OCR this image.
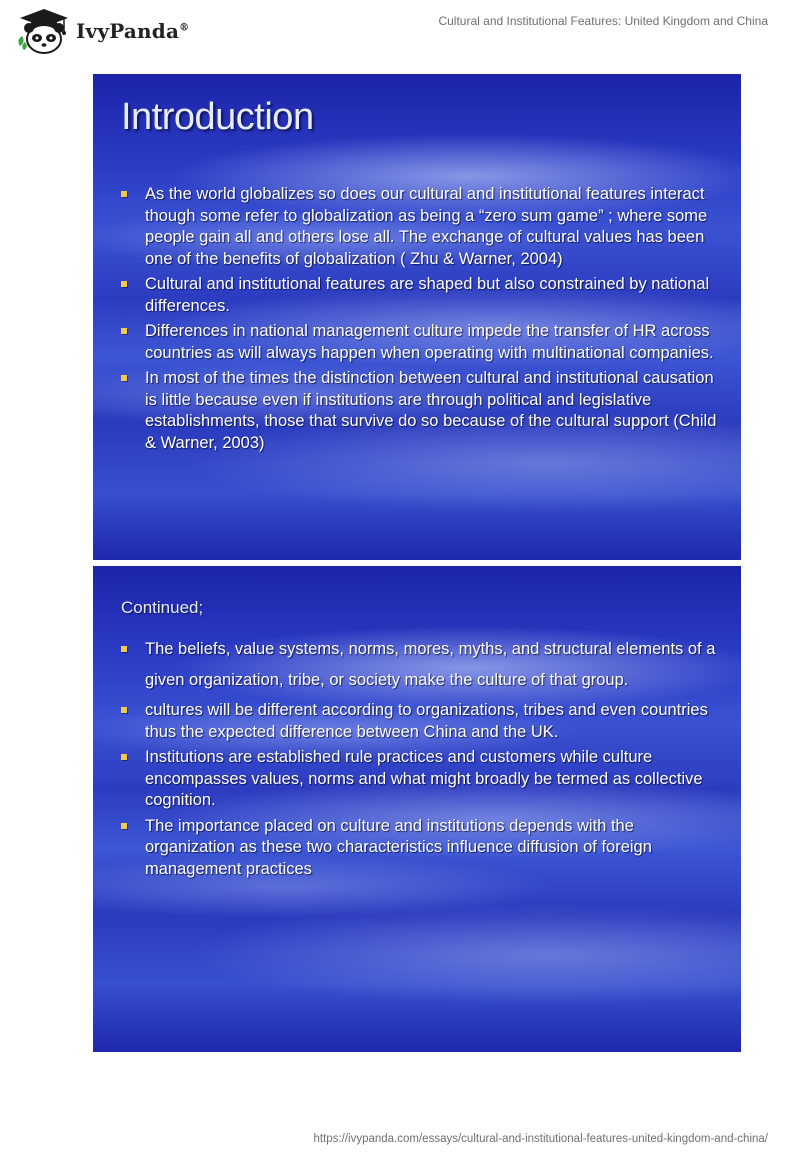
IvyPanda®	Cultural and Institutional Features: United Kingdom and China
Introduction
As the world globalizes so does our cultural and institutional features interact though some refer to globalization as being a “zero sum game” ; where some people gain all and others lose all. The exchange of cultural values has been one of the benefits of globalization ( Zhu & Warner, 2004)
Cultural and institutional features are shaped but also constrained by national differences.
Differences in national management culture impede the transfer of HR across countries as will always happen when operating with multinational companies.
In most of the times the distinction between cultural and institutional causation is little because even if institutions are through political and legislative establishments, those that survive do so because of the cultural support (Child & Warner, 2003)
Continued;
The beliefs, value systems, norms, mores, myths, and structural elements of a given organization, tribe, or society make the culture of that group.
cultures will be different according to organizations, tribes and even countries thus the expected difference between China and the UK.
Institutions are established rule practices and customers while culture encompasses values, norms and what might broadly be termed as collective cognition.
The importance placed on culture and institutions depends with the organization as these two characteristics influence diffusion of foreign management practices
https://ivypanda.com/essays/cultural-and-institutional-features-united-kingdom-and-china/
